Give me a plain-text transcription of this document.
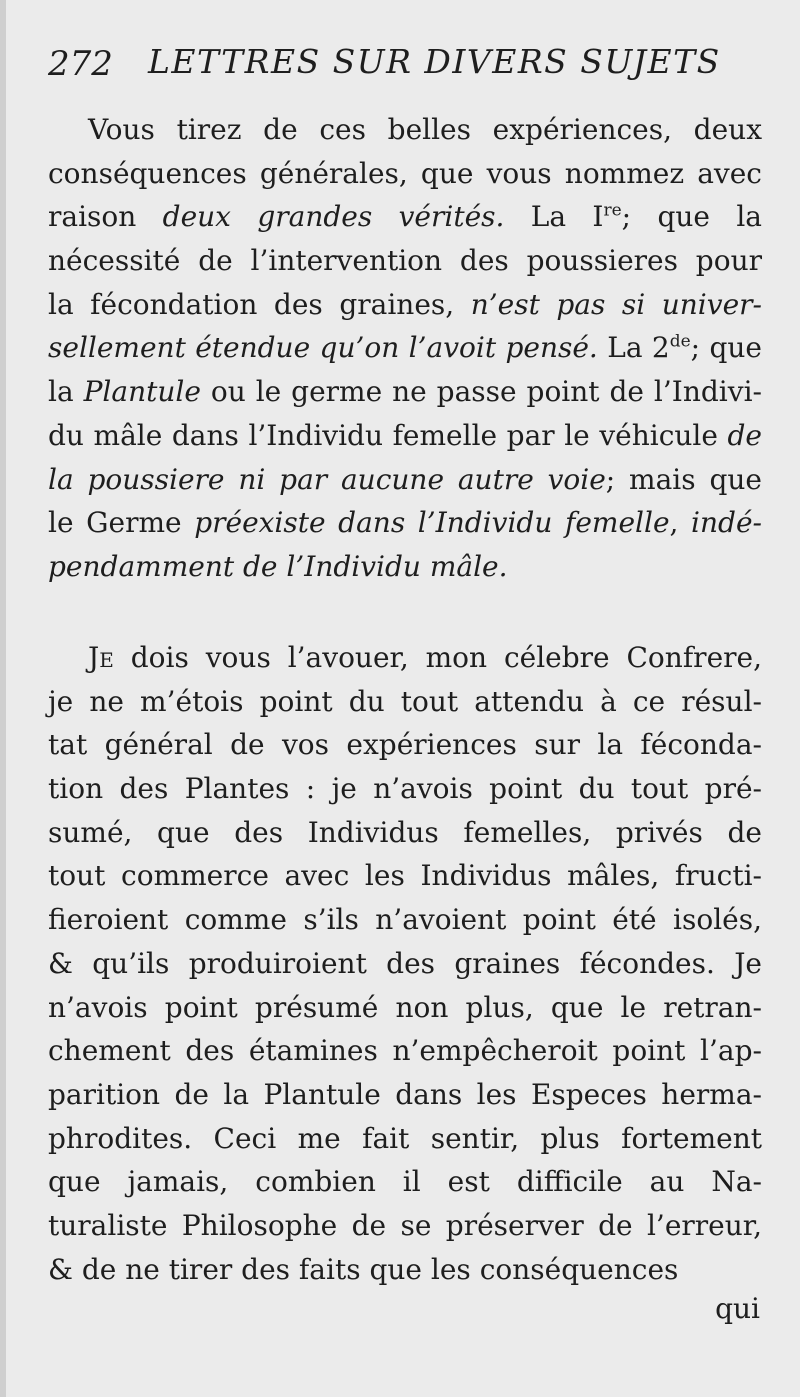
272 LETTRES SUR DIVERS SUJETS
Vous tirez de ces belles expériences, deux
conséquences générales, que vous nommez avec
raison deux grandes vérités. La Ire; que la
nécessité de l’intervention des poussieres pour
la fécondation des graines, n’est pas si univer-
sellement étendue qu’on l’avoit pensé. La 2de; que
la Plantule ou le germe ne passe point de l’Indivi-
du mâle dans l’Individu femelle par le véhicule de
la poussiere ni par aucune autre voie; mais que
le Germe préexiste dans l’Individu femelle, indé-
pendamment de l’Individu mâle.
JE dois vous l’avouer, mon célebre Confrere,
je ne m’étois point du tout attendu à ce résul-
tat général de vos expériences sur la féconda-
tion des Plantes : je n’avois point du tout pré-
sumé, que des Individus femelles, privés de
tout commerce avec les Individus mâles, fructi-
fieroient comme s’ils n’avoient point été isolés,
& qu’ils produiroient des graines fécondes. Je
n’avois point présumé non plus, que le retran-
chement des étamines n’empêcheroit point l’ap-
parition de la Plantule dans les Especes herma-
phrodites. Ceci me fait sentir, plus fortement
que jamais, combien il est difficile au Na-
turaliste Philosophe de se préserver de l’erreur,
& de ne tirer des faits que les conséquences
qui
